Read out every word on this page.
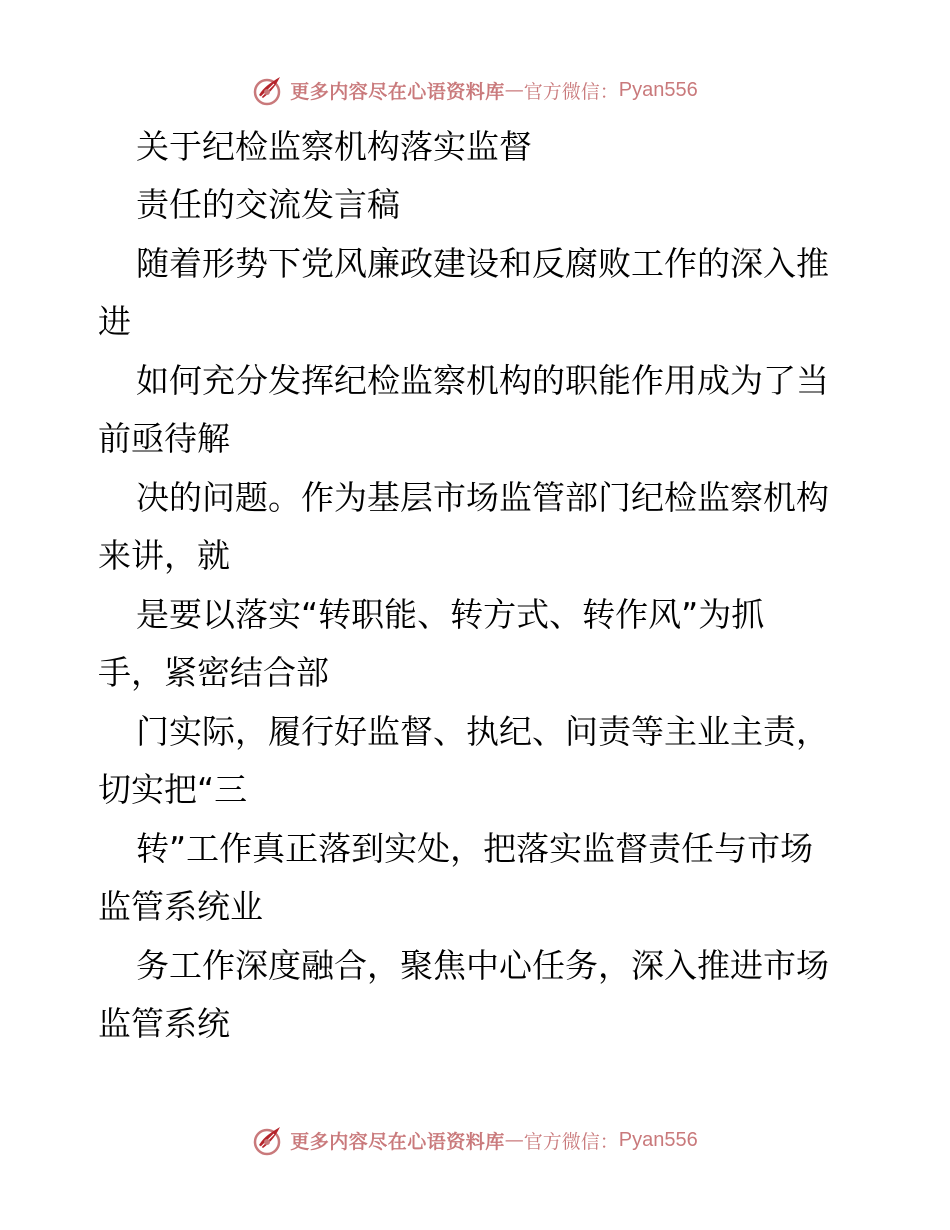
更多内容尽在心语资料库 — 官方微信： Pyan556
关于纪检监察机构落实监督
责任的交流发言稿
随着形势下党风廉政建设和反腐败工作的深入推
进
如何充分发挥纪检监察机构的职能作用成为了当
前亟待解
决的问题。作为基层市场监管部门纪检监察机构
来讲，就
是要以落实“转职能、转方式、转作风”为抓
手，紧密结合部
门实际，履行好监督、执纪、问责等主业主责，
切实把“三
转”工作真正落到实处，把落实监督责任与市场
监管系统业
务工作深度融合，聚焦中心任务，深入推进市场
监管系统
更多内容尽在心语资料库 — 官方微信： Pyan556
